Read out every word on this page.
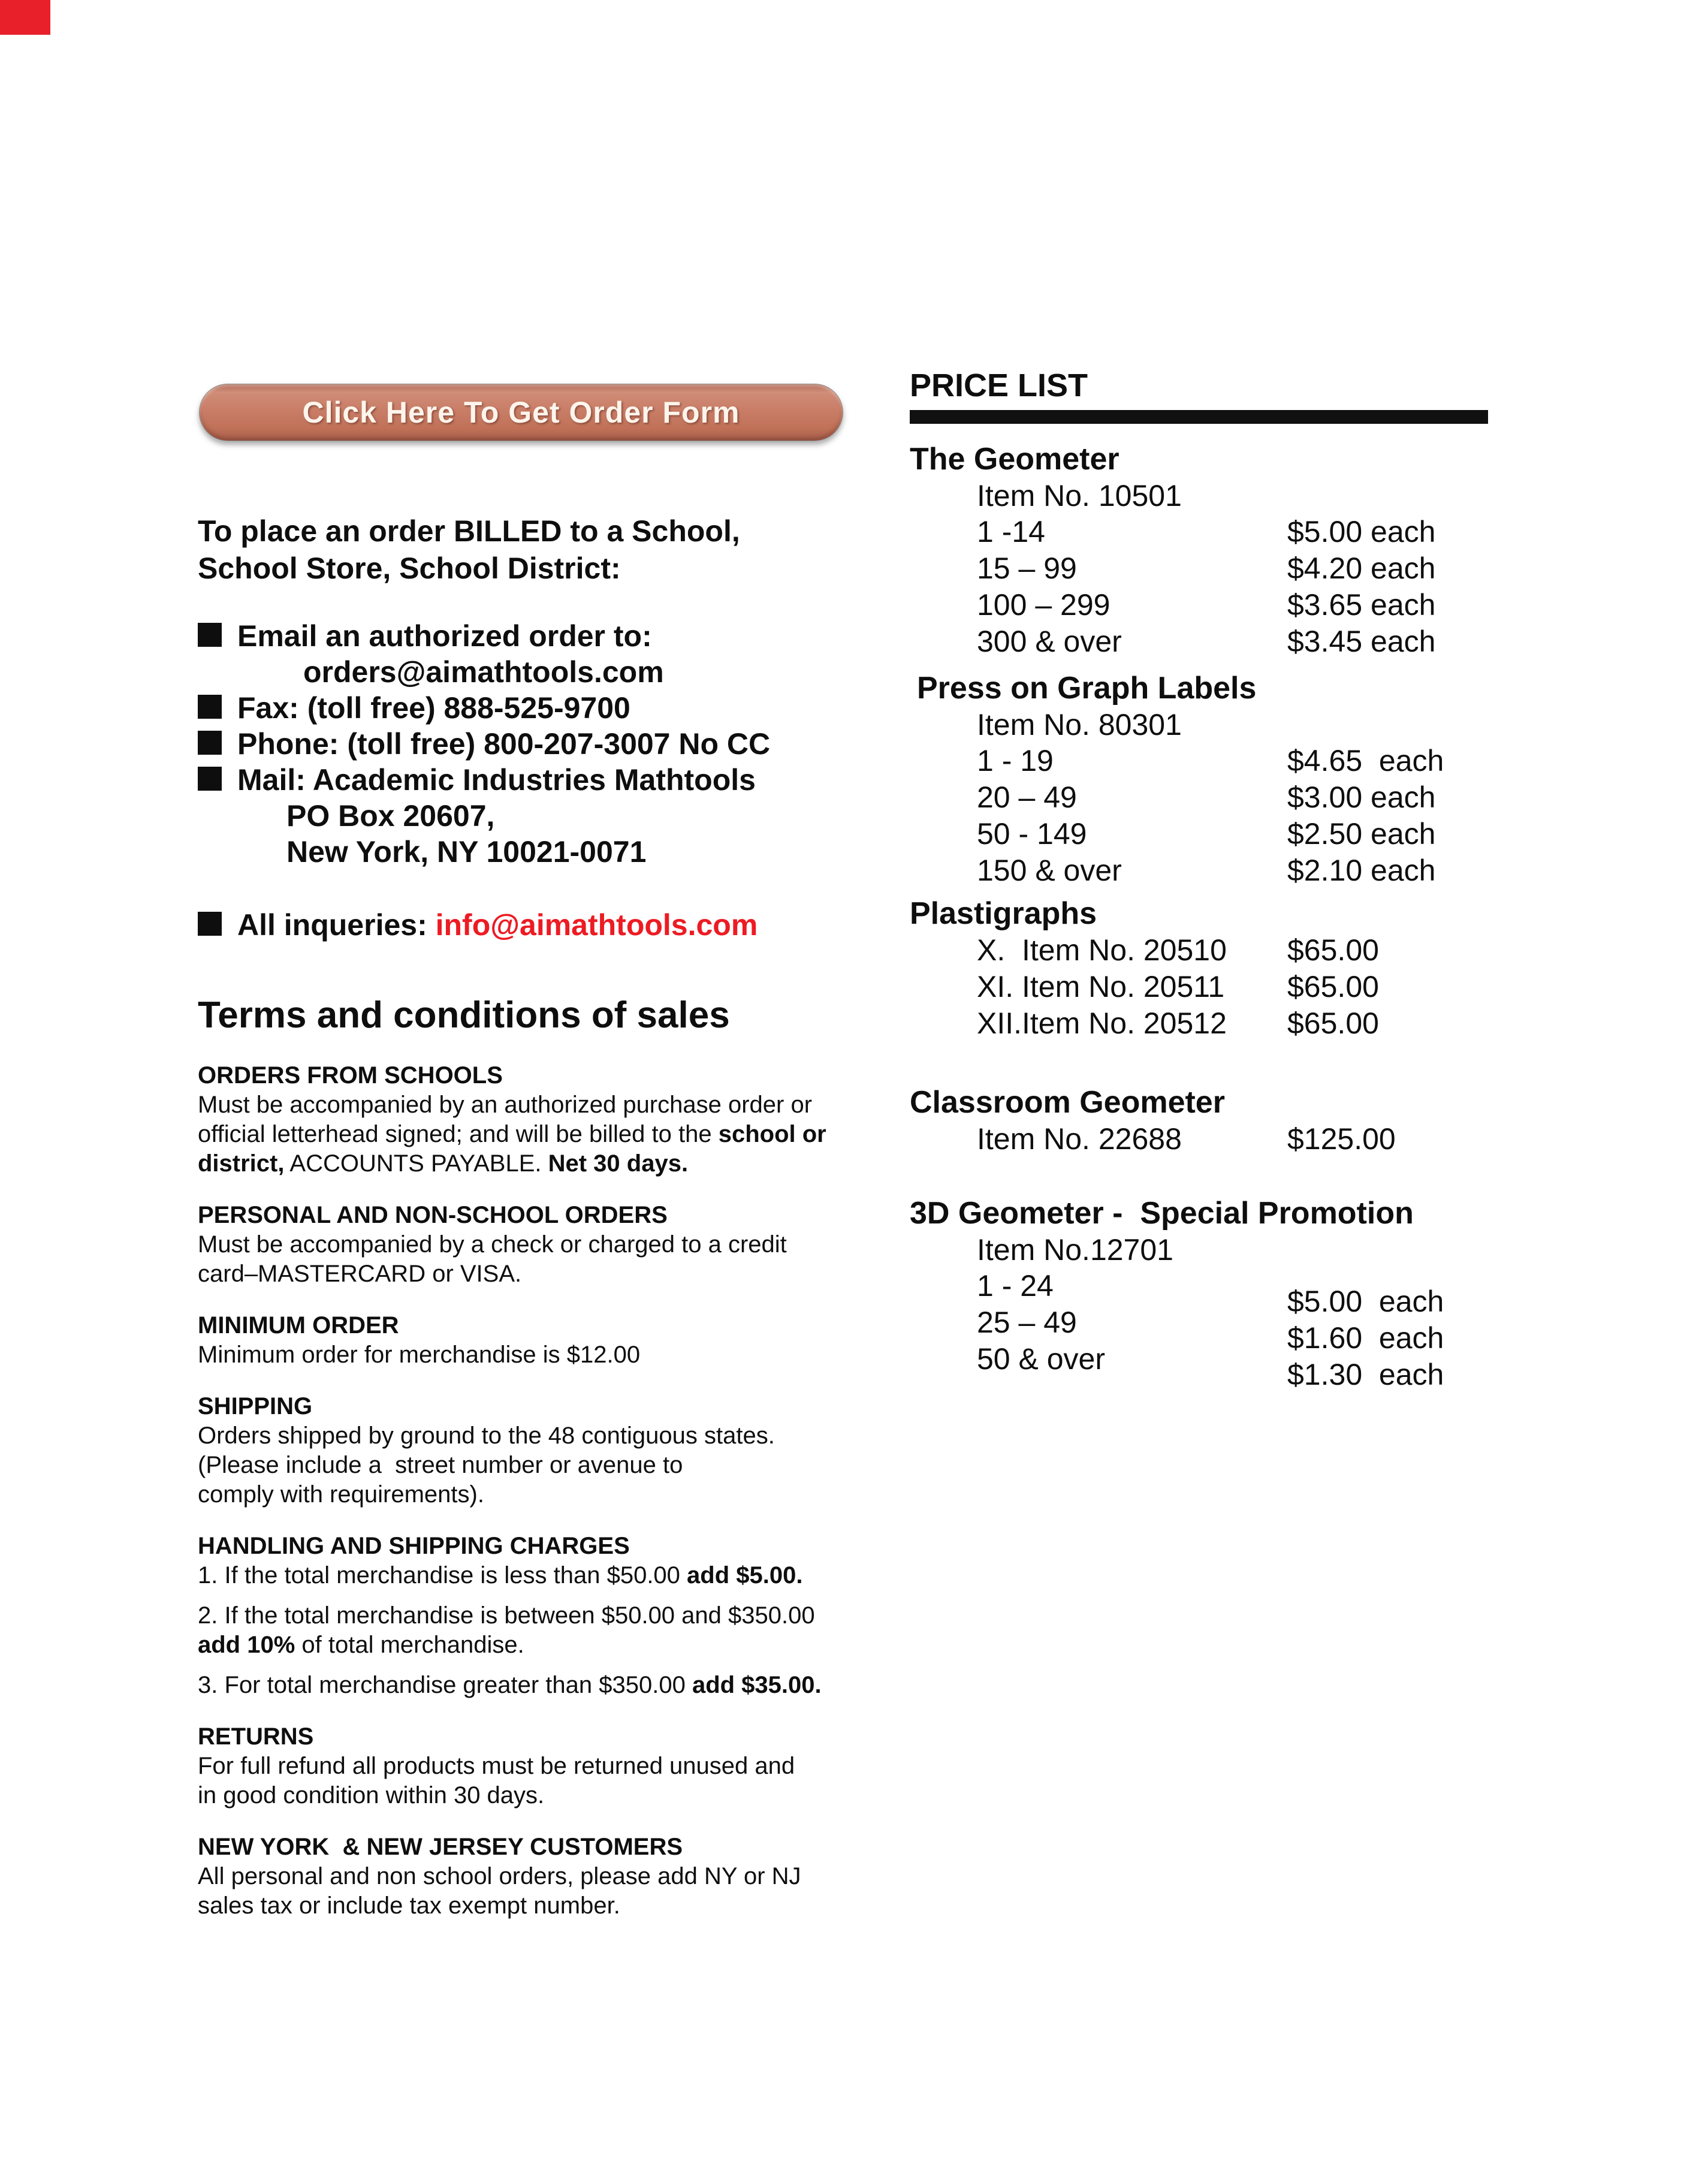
Click Here To Get Order Form
To place an order BILLED to a School,
School Store, School District:
Email an authorized order to:
orders@aimathtools.com
Fax: (toll free) 888-525-9700
Phone: (toll free) 800-207-3007 No CC
Mail: Academic Industries Mathtools
PO Box 20607,
New York, NY 10021-0071
All inqueries: info@aimathtools.com
Terms and conditions of sales
ORDERS FROM SCHOOLS
Must be accompanied by an authorized purchase order or
official letterhead signed; and will be billed to the school or
district, ACCOUNTS PAYABLE. Net 30 days.
PERSONAL AND NON-SCHOOL ORDERS
Must be accompanied by a check or charged to a credit
card–MASTERCARD or VISA.
MINIMUM ORDER
Minimum order for merchandise is $12.00
SHIPPING
Orders shipped by ground to the 48 contiguous states.
(Please include a  street number or avenue to
comply with requirements).
HANDLING AND SHIPPING CHARGES
1. If the total merchandise is less than $50.00 add $5.00.
2. If the total merchandise is between $50.00 and $350.00
add 10% of total merchandise.
3. For total merchandise greater than $350.00 add $35.00.
RETURNS
For full refund all products must be returned unused and
in good condition within 30 days.
NEW YORK  & NEW JERSEY CUSTOMERS
All personal and non school orders, please add NY or NJ
sales tax or include tax exempt number.
PRICE LIST
The Geometer
Item No. 10501
1 -14	$5.00 each
15 – 99	$4.20 each
100 – 299	$3.65 each
300 & over	$3.45 each
Press on Graph Labels
Item No. 80301
1 - 19	$4.65  each
20 – 49	$3.00 each
50 - 149	$2.50 each
150 & over	$2.10 each
Plastigraphs
X.  Item No. 20510	$65.00
XI. Item No. 20511	$65.00
XII.Item No. 20512	$65.00
Classroom Geometer
Item No. 22688	$125.00
3D Geometer -  Special Promotion
Item No.12701
1 - 24	$5.00  each
25 – 49	$1.60  each
50 & over	$1.30  each
